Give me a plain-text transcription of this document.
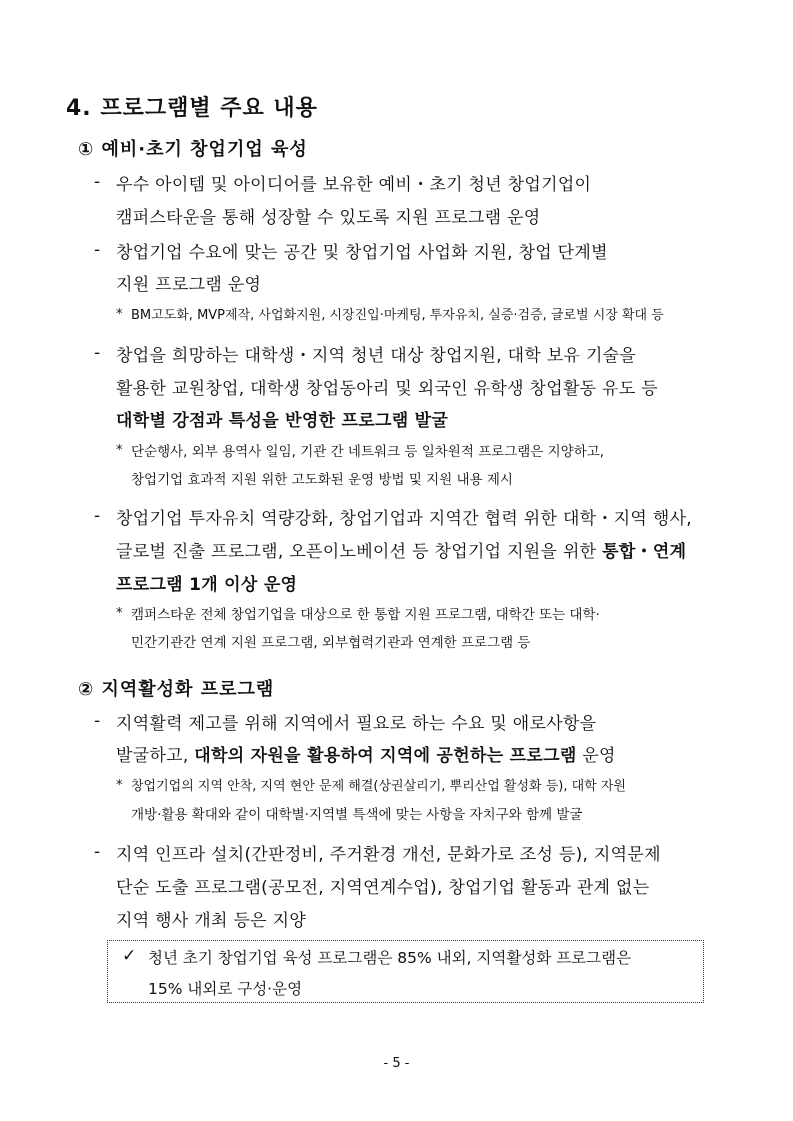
4. 프로그램별 주요 내용
① 예비·초기 창업기업 육성
- 우수 아이템 및 아이디어를 보유한 예비・초기 청년 창업기업이
캠퍼스타운을 통해 성장할 수 있도록 지원 프로그램 운영
- 창업기업 수요에 맞는 공간 및 창업기업 사업화 지원, 창업 단계별
지원 프로그램 운영
* BM고도화, MVP제작, 사업화지원, 시장진입·마케팅, 투자유치, 실증·검증, 글로벌 시장 확대 등
- 창업을 희망하는 대학생・지역 청년 대상 창업지원, 대학 보유 기술을
활용한 교원창업, 대학생 창업동아리 및 외국인 유학생 창업활동 유도 등
대학별 강점과 특성을 반영한 프로그램 발굴
* 단순행사, 외부 용역사 일임, 기관 간 네트워크 등 일차원적 프로그램은 지양하고,
창업기업 효과적 지원 위한 고도화된 운영 방법 및 지원 내용 제시
- 창업기업 투자유치 역량강화, 창업기업과 지역간 협력 위한 대학・지역 행사,
글로벌 진출 프로그램, 오픈이노베이션 등 창업기업 지원을 위한 통합・연계
프로그램 1개 이상 운영
* 캠퍼스타운 전체 창업기업을 대상으로 한 통합 지원 프로그램, 대학간 또는 대학·
민간기관간 연계 지원 프로그램, 외부협력기관과 연계한 프로그램 등
② 지역활성화 프로그램
- 지역활력 제고를 위해 지역에서 필요로 하는 수요 및 애로사항을
발굴하고, 대학의 자원을 활용하여 지역에 공헌하는 프로그램 운영
* 창업기업의 지역 안착, 지역 현안 문제 해결(상권살리기, 뿌리산업 활성화 등), 대학 자원
개방·활용 확대와 같이 대학별·지역별 특색에 맞는 사항을 자치구와 함께 발굴
- 지역 인프라 설치(간판정비, 주거환경 개선, 문화가로 조성 등), 지역문제
단순 도출 프로그램(공모전, 지역연계수업), 창업기업 활동과 관계 없는
지역 행사 개최 등은 지양
✓ 청년 초기 창업기업 육성 프로그램은 85% 내외, 지역활성화 프로그램은
15% 내외로 구성·운영
- 5 -
